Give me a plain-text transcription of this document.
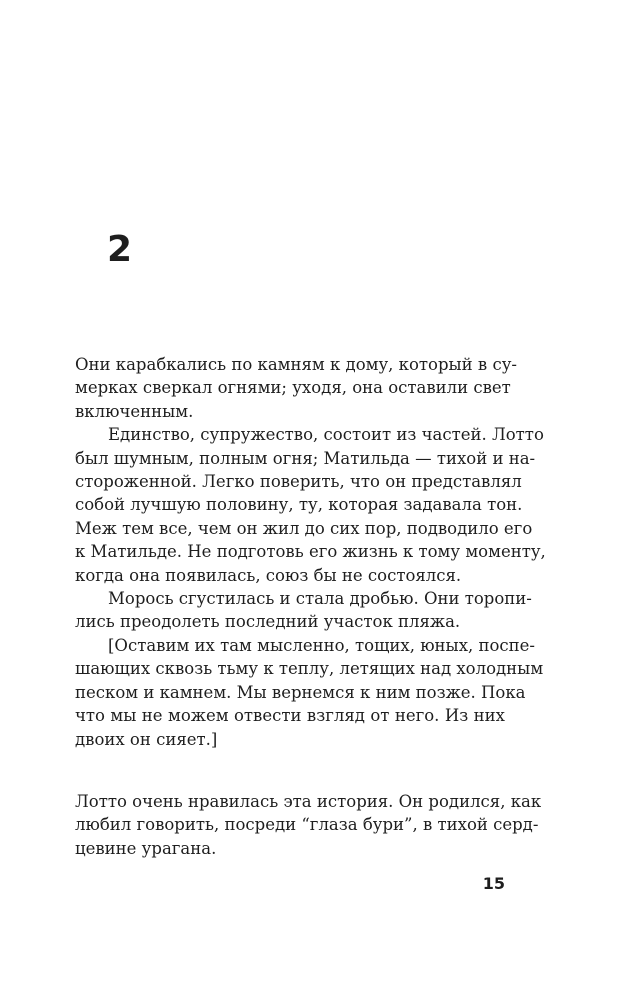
2
Они карабкались по камням к дому, который в су-
мерках сверкал огнями; уходя, она оставили свет
включенным.
Единство, супружество, состоит из частей. Лотто
был шумным, полным огня; Матильда — тихой и на-
стороженной. Легко поверить, что он представлял
собой лучшую половину, ту, которая задавала тон.
Меж тем все, чем он жил до сих пор, подводило его
к Матильде. Не подготовь его жизнь к тому моменту,
когда она появилась, союз бы не состоялся.
Морось сгустилась и стала дробью. Они торопи-
лись преодолеть последний участок пляжа.
[Оставим их там мысленно, тощих, юных, поспе-
шающих сквозь тьму к теплу, летящих над холодным
песком и камнем. Мы вернемся к ним позже. Пока
что мы не можем отвести взгляд от него. Из них
двоих он сияет.]
Лотто очень нравилась эта история. Он родился, как
любил говорить, посреди “глаза бури”, в тихой серд-
цевине урагана.
15
